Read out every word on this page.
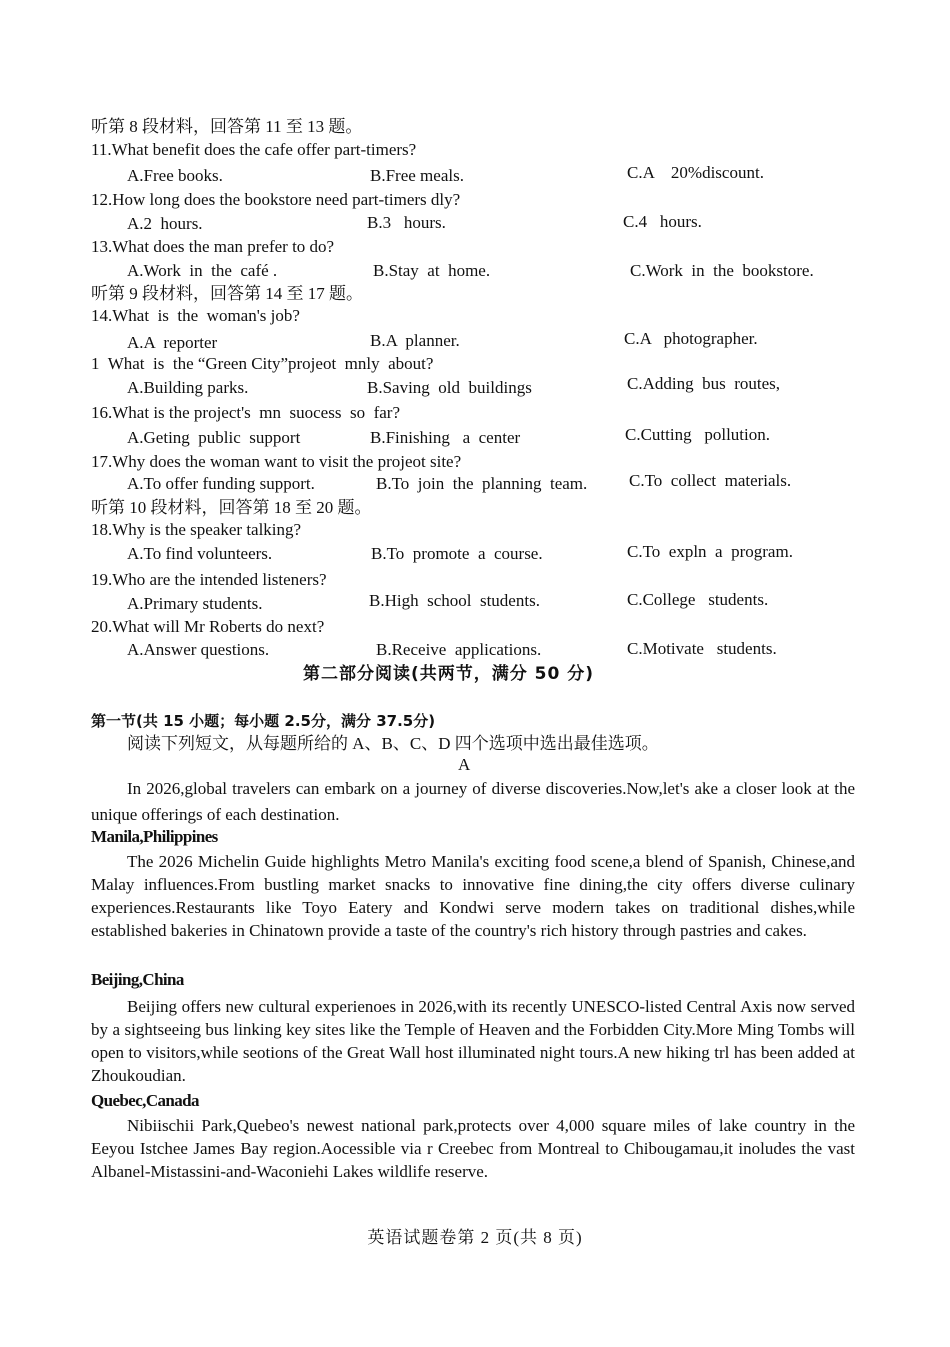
听第 8 段材料，回答第 11 至 13 题。
11.What benefit does the cafe offer part-timers?
A.Free books.	B.Free meals.	C.A    20%discount.
12.How long does the bookstore need part-timers dly?
A.2  hours.	B.3   hours.	C.4   hours.
13.What does the man prefer to do?
A.Work  in  the  café .	B.Stay  at  home.	C.Work  in  the  bookstore.
听第 9 段材料，回答第 14 至 17 题。
14.What  is  the  woman's job?
A.A  reporter	B.A  planner.	C.A   photographer.
1  What  is  the “Green City”projeot  mnly  about?
A.Building parks.	B.Saving  old  buildings	C.Adding  bus  routes,
16.What is the project's  mn  suocess  so  far?
A.Geting  public  support	B.Finishing   a  center	C.Cutting   pollution.
17.Why does the woman want to visit the projeot site?
A.To offer funding support.	B.To  join  the  planning  team. C.To  collect  materials.
听第 10 段材料，回答第 18 至 20 题。
18.Why is the speaker talking?
A.To find volunteers.	B.To  promote  a  course.	C.To  expln  a  program.
19.Who are the intended listeners?
A.Primary students.	B.High  school  students.	C.College   students.
20.What will Mr Roberts do next?
A.Answer questions.	B.Receive  applications.	C.Motivate   students.
第二部分阅读(共两节，满分 50 分)
第一节(共 15 小题；每小题 2.5分，满分 37.5分)
阅读下列短文，从每题所给的 A、B、C、D 四个选项中选出最佳选项。
A
In 2026,global travelers can embark on a journey of diverse discoveries.Now,let's ake a closer look at the unique offerings of each destination.
Manila,Philippines
The 2026 Michelin Guide highlights Metro Manila's exciting food scene,a blend of Spanish, Chinese,and Malay influences.From bustling market snacks to innovative fine dining,the city offers diverse culinary experiences.Restaurants like Toyo Eatery and Kondwi serve modern takes on traditional dishes,while established bakeries in Chinatown provide a taste of the country's rich history through pastries and cakes.
Beijing,China
Beijing offers new cultural experienoes in 2026,with its recently UNESCO-listed Central Axis now served by a sightseeing bus linking key sites like the Temple of Heaven and the Forbidden City.More Ming Tombs will open to visitors,while seotions of the Great Wall host illuminated night tours.A new hiking trl has been added at Zhoukoudian.
Quebec,Canada
Nibiischii Park,Quebeo's newest national park,protects over 4,000 square miles of lake country in the Eeyou Istchee James Bay region.Aocessible via r Creebec from Montreal to Chibougamau,it inoludes the vast Albanel-Mistassini-and-Waconiehi Lakes wildlife reserve.
英语试题卷第 2 页(共 8 页)
